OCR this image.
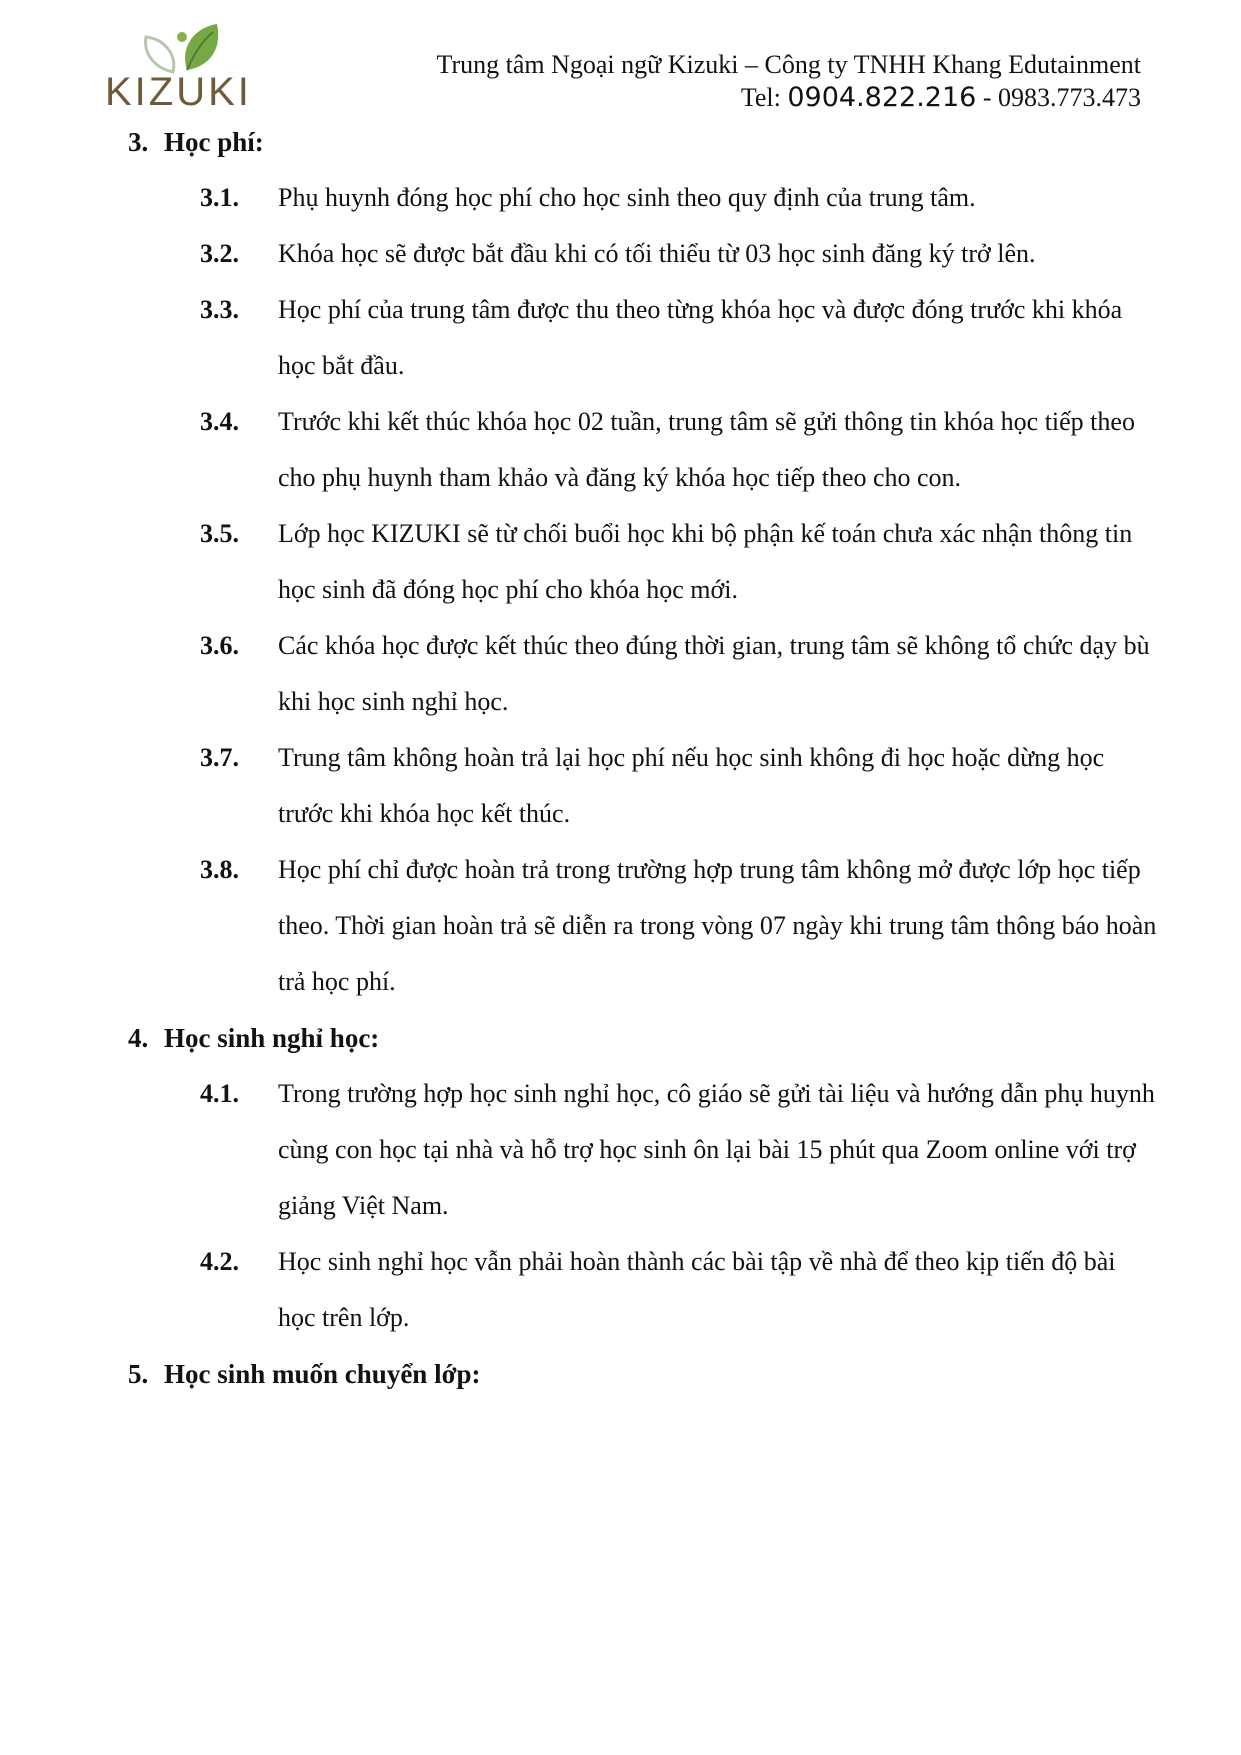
KIZUKI
Trung tâm Ngoại ngữ Kizuki – Công ty TNHH Khang Edutainment
Tel: 0904.822.216 - 0983.773.473
3. Học phí:
3.1.	Phụ huynh đóng học phí cho học sinh theo quy định của trung tâm.
3.2.	Khóa học sẽ được bắt đầu khi có tối thiểu từ 03 học sinh đăng ký trở lên.
3.3.	Học phí của trung tâm được thu theo từng khóa học và được đóng trước khi khóa học bắt đầu.
3.4.	Trước khi kết thúc khóa học 02 tuần, trung tâm sẽ gửi thông tin khóa học tiếp theo cho phụ huynh tham khảo và đăng ký khóa học tiếp theo cho con.
3.5.	Lớp học KIZUKI sẽ từ chối buổi học khi bộ phận kế toán chưa xác nhận thông tin học sinh đã đóng học phí cho khóa học mới.
3.6.	Các khóa học được kết thúc theo đúng thời gian, trung tâm sẽ không tổ chức dạy bù khi học sinh nghỉ học.
3.7.	Trung tâm không hoàn trả lại học phí nếu học sinh không đi học hoặc dừng học trước khi khóa học kết thúc.
3.8.	Học phí chỉ được hoàn trả trong trường hợp trung tâm không mở được lớp học tiếp theo. Thời gian hoàn trả sẽ diễn ra trong vòng 07 ngày khi trung tâm thông báo hoàn trả học phí.
4. Học sinh nghỉ học:
4.1.	Trong trường hợp học sinh nghỉ học, cô giáo sẽ gửi tài liệu và hướng dẫn phụ huynh cùng con học tại nhà và hỗ trợ học sinh ôn lại bài 15 phút qua Zoom online với trợ giảng Việt Nam.
4.2.	Học sinh nghỉ học vẫn phải hoàn thành các bài tập về nhà để theo kịp tiến độ bài học trên lớp.
5. Học sinh muốn chuyển lớp:
